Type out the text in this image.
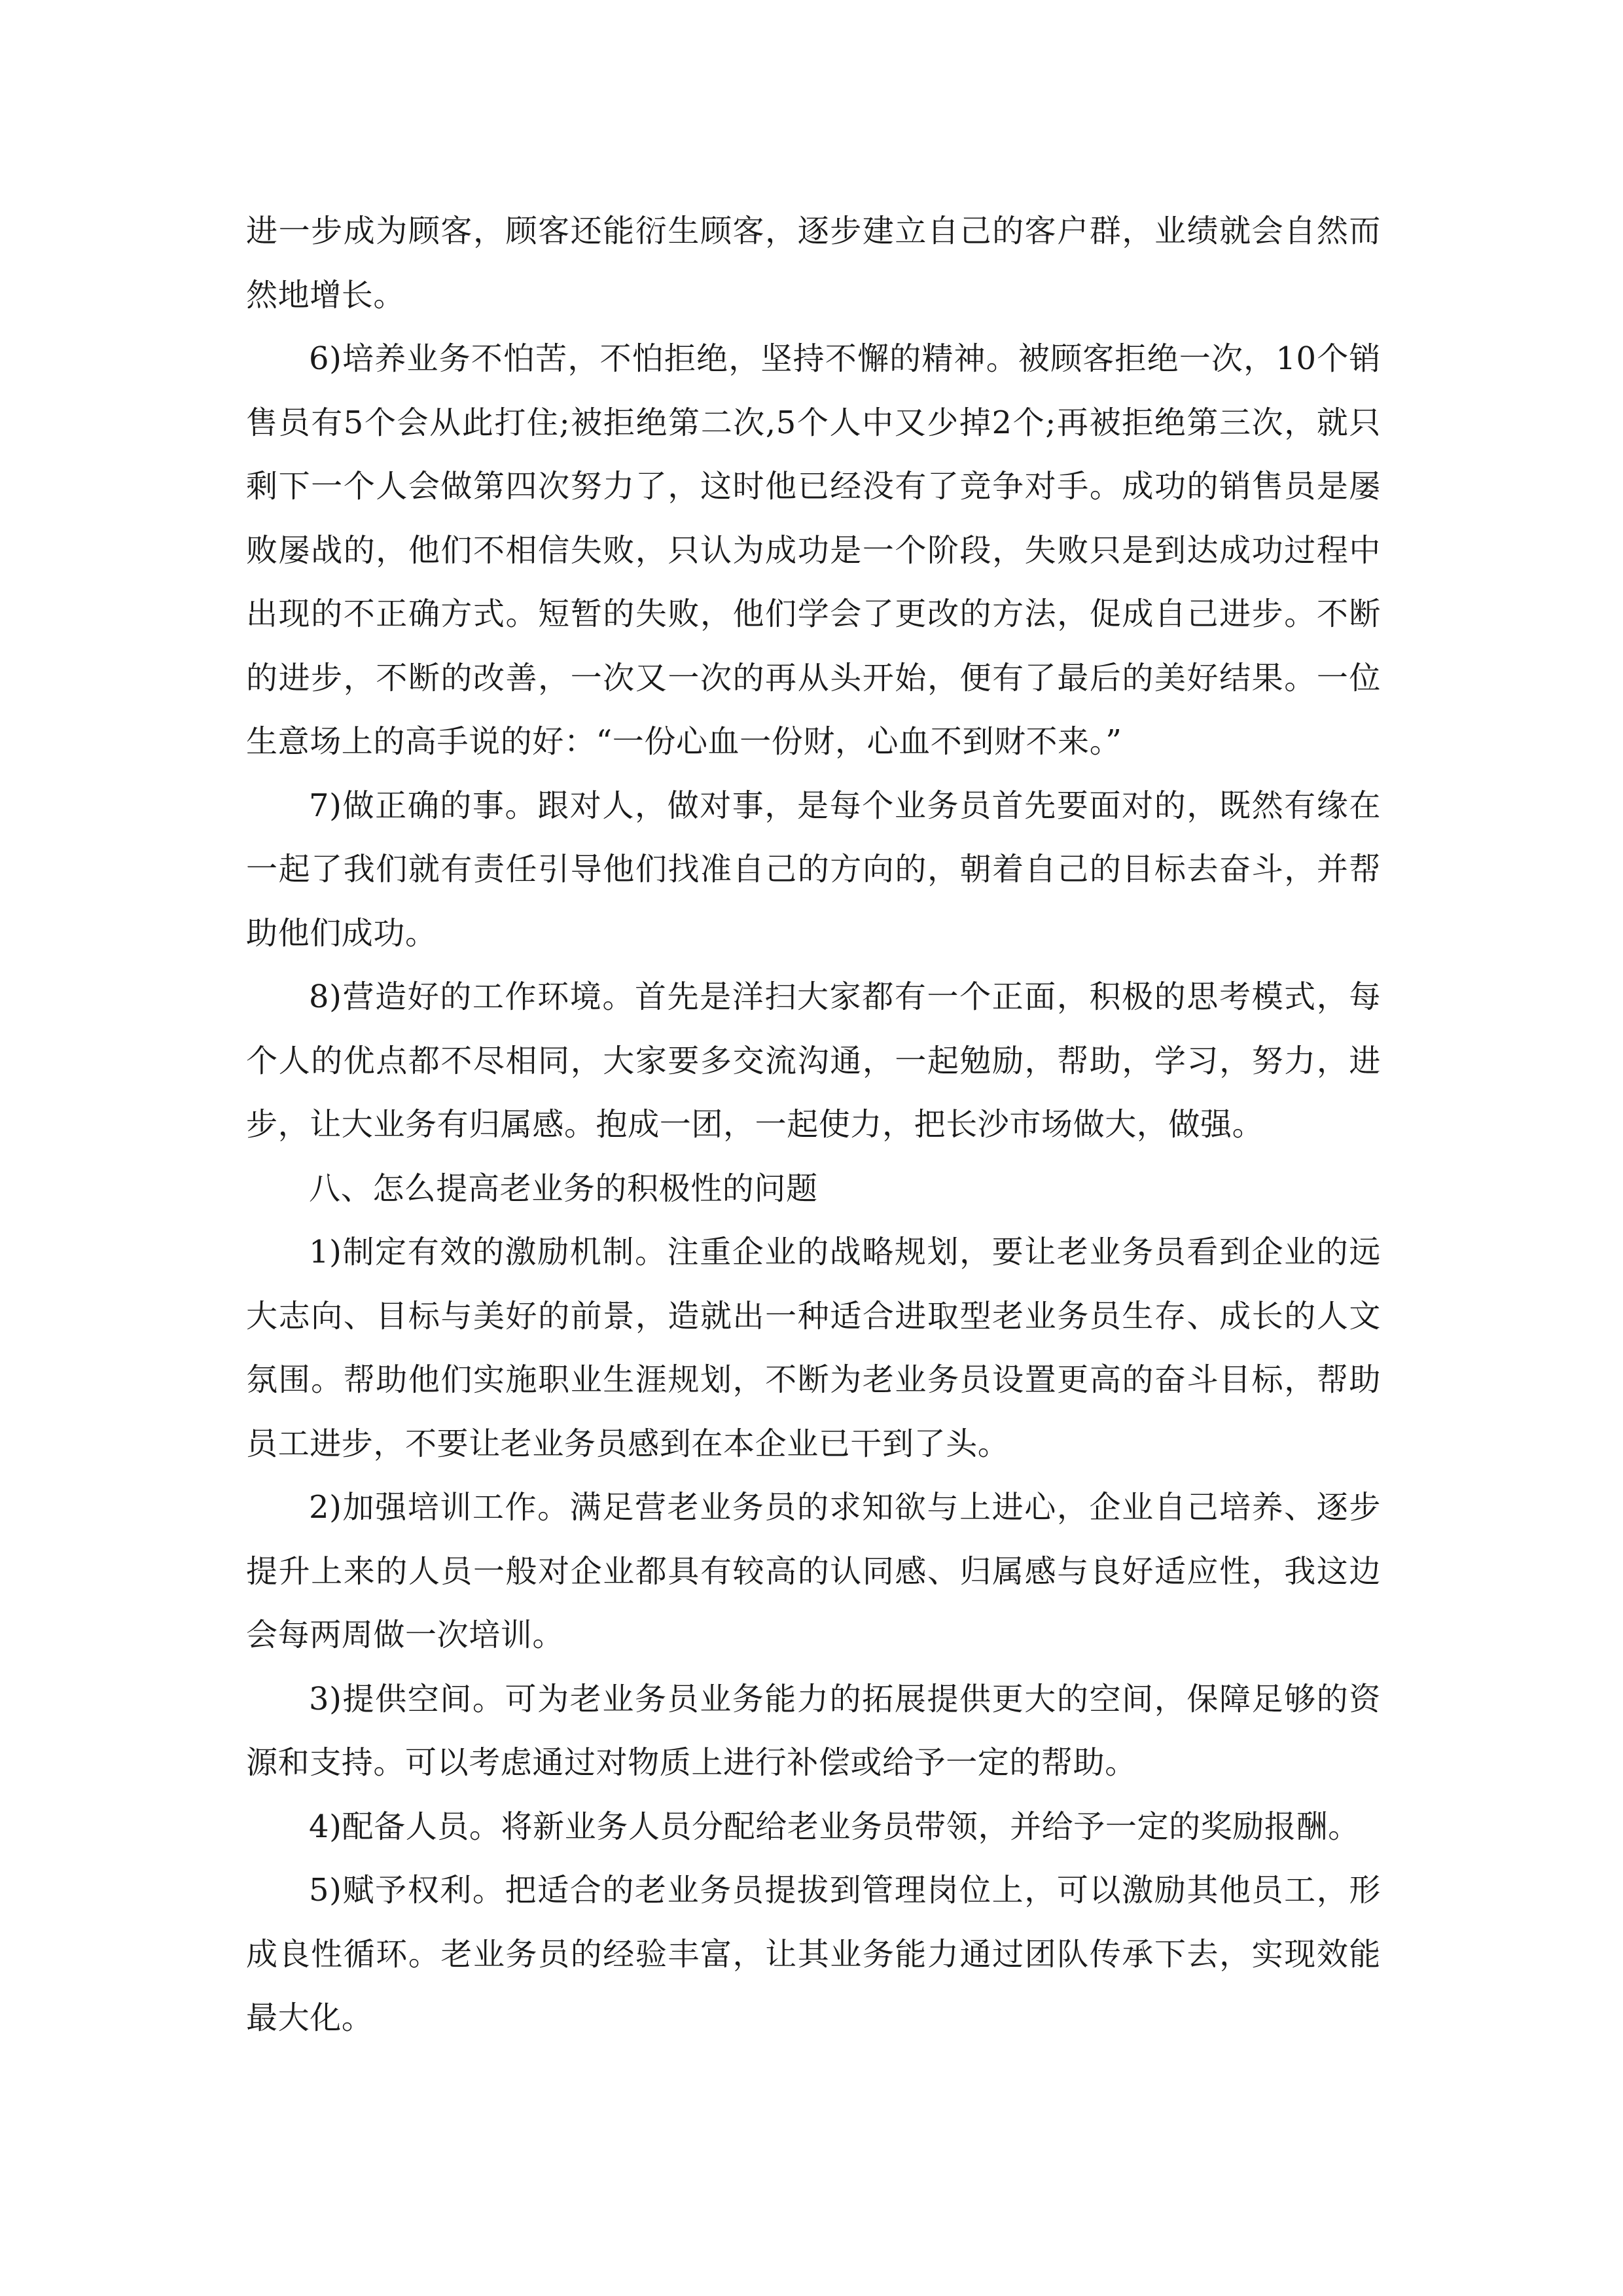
进一步成为顾客，顾客还能衍生顾客，逐步建立自己的客户群，业绩就会自然而然地增长。

6)培养业务不怕苦，不怕拒绝，坚持不懈的精神。被顾客拒绝一次，10个销售员有5个会从此打住;被拒绝第二次,5个人中又少掉2个;再被拒绝第三次，就只剩下一个人会做第四次努力了，这时他已经没有了竞争对手。成功的销售员是屡败屡战的，他们不相信失败，只认为成功是一个阶段，失败只是到达成功过程中出现的不正确方式。短暂的失败，他们学会了更改的方法，促成自己进步。不断的进步，不断的改善，一次又一次的再从头开始，便有了最后的美好结果。一位生意场上的高手说的好：“一份心血一份财，心血不到财不来。”

7)做正确的事。跟对人，做对事，是每个业务员首先要面对的，既然有缘在一起了我们就有责任引导他们找准自己的方向的，朝着自己的目标去奋斗，并帮助他们成功。

8)营造好的工作环境。首先是洋扫大家都有一个正面，积极的思考模式，每个人的优点都不尽相同，大家要多交流沟通，一起勉励，帮助，学习，努力，进步，让大业务有归属感。抱成一团，一起使力，把长沙市场做大，做强。

八、怎么提高老业务的积极性的问题

1)制定有效的激励机制。注重企业的战略规划，要让老业务员看到企业的远大志向、目标与美好的前景，造就出一种适合进取型老业务员生存、成长的人文氛围。帮助他们实施职业生涯规划，不断为老业务员设置更高的奋斗目标，帮助员工进步，不要让老业务员感到在本企业已干到了头。

2)加强培训工作。满足营老业务员的求知欲与上进心，企业自己培养、逐步提升上来的人员一般对企业都具有较高的认同感、归属感与良好适应性，我这边会每两周做一次培训。

3)提供空间。可为老业务员业务能力的拓展提供更大的空间，保障足够的资源和支持。可以考虑通过对物质上进行补偿或给予一定的帮助。

4)配备人员。将新业务人员分配给老业务员带领，并给予一定的奖励报酬。

5)赋予权利。把适合的老业务员提拔到管理岗位上，可以激励其他员工，形成良性循环。老业务员的经验丰富，让其业务能力通过团队传承下去，实现效能最大化。
